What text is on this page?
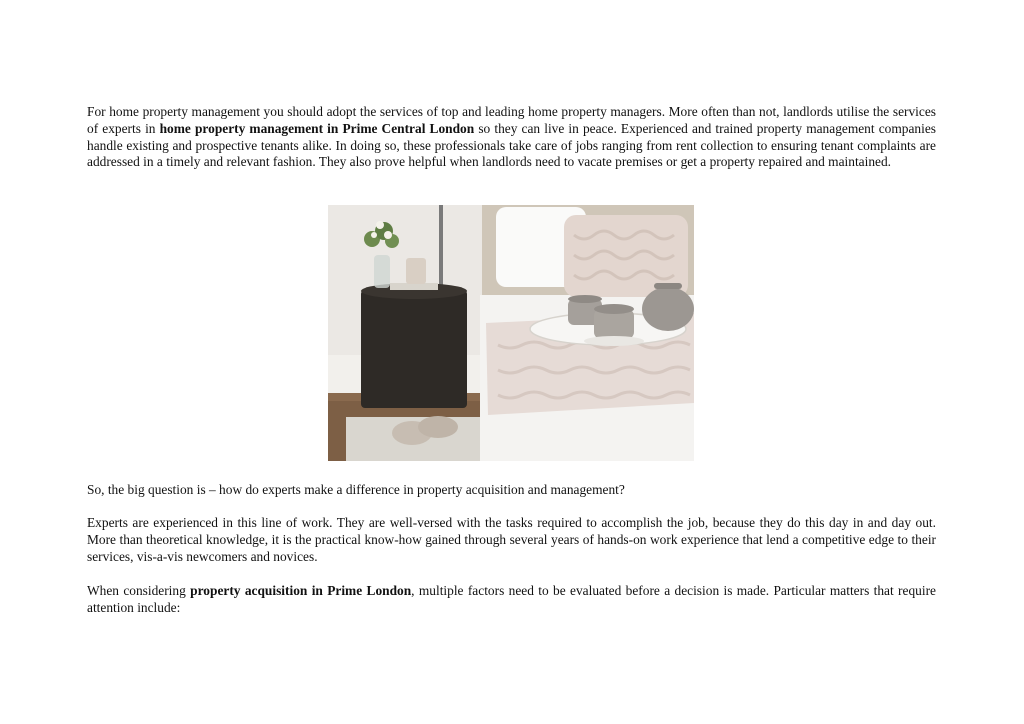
For home property management you should adopt the services of top and leading home property managers. More often than not, landlords utilise the services of experts in home property management in Prime Central London so they can live in peace. Experienced and trained property management companies handle existing and prospective tenants alike. In doing so, these professionals take care of jobs ranging from rent collection to ensuring tenant complaints are addressed in a timely and relevant fashion. They also prove helpful when landlords need to vacate premises or get a property repaired and maintained.

So, the big question is – how do experts make a difference in property acquisition and management?

Experts are experienced in this line of work. They are well-versed with the tasks required to accomplish the job, because they do this day in and day out. More than theoretical knowledge, it is the practical know-how gained through several years of hands-on work experience that lend a competitive edge to their services, vis-a-vis newcomers and novices.

When considering property acquisition in Prime London, multiple factors need to be evaluated before a decision is made. Particular matters that require attention include:
